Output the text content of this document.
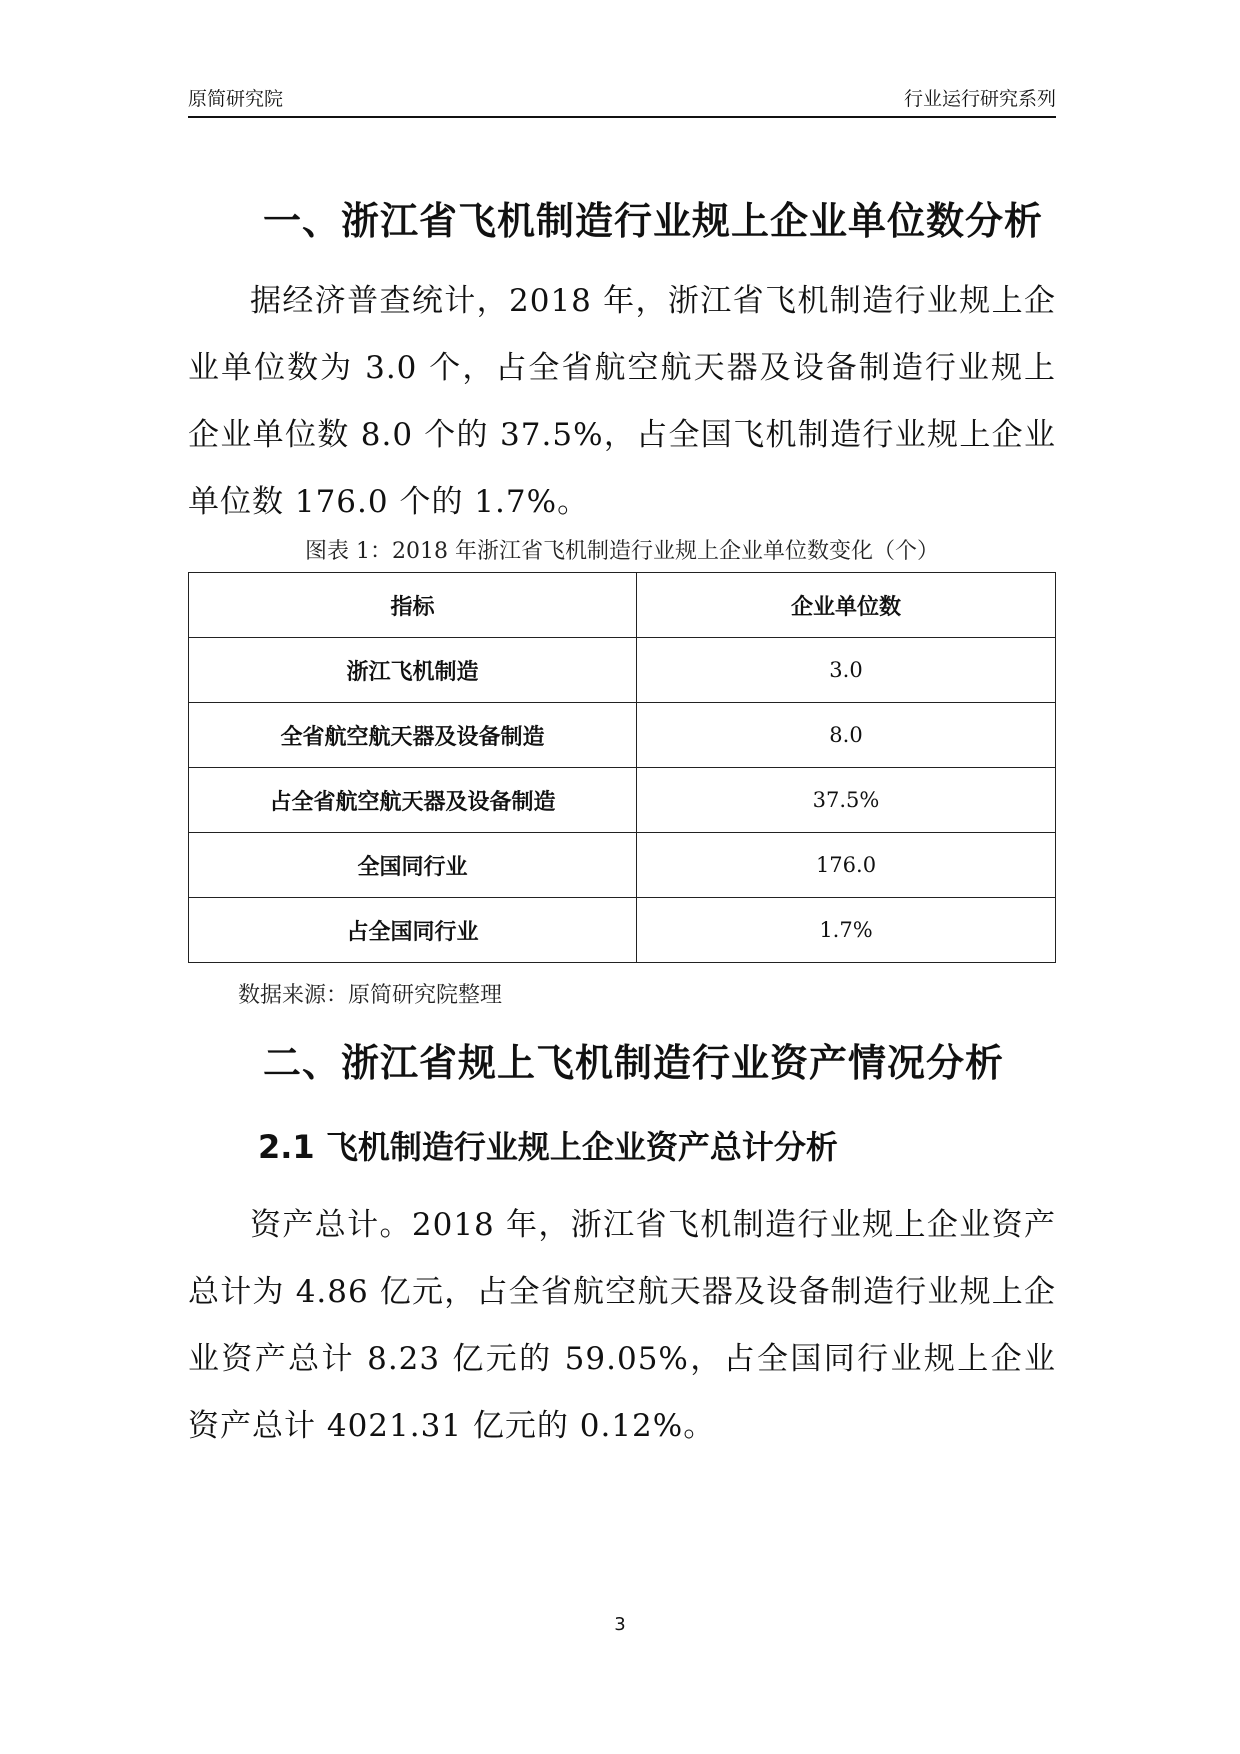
原简研究院	行业运行研究系列
一、浙江省飞机制造行业规上企业单位数分析

据经济普查统计，2018 年，浙江省飞机制造行业规上企业单位数为 3.0 个，占全省航空航天器及设备制造行业规上企业单位数 8.0 个的 37.5%，占全国飞机制造行业规上企业单位数 176.0 个的 1.7%。

图表 1：2018 年浙江省飞机制造行业规上企业单位数变化（个）
指标	企业单位数
浙江飞机制造	3.0
全省航空航天器及设备制造	8.0
占全省航空航天器及设备制造	37.5%
全国同行业	176.0
占全国同行业	1.7%
数据来源：原简研究院整理
二、浙江省规上飞机制造行业资产情况分析
2.1 飞机制造行业规上企业资产总计分析

资产总计。2018 年，浙江省飞机制造行业规上企业资产总计为 4.86 亿元，占全省航空航天器及设备制造行业规上企业资产总计 8.23 亿元的 59.05%，占全国同行业规上企业资产总计 4021.31 亿元的 0.12%。

3
